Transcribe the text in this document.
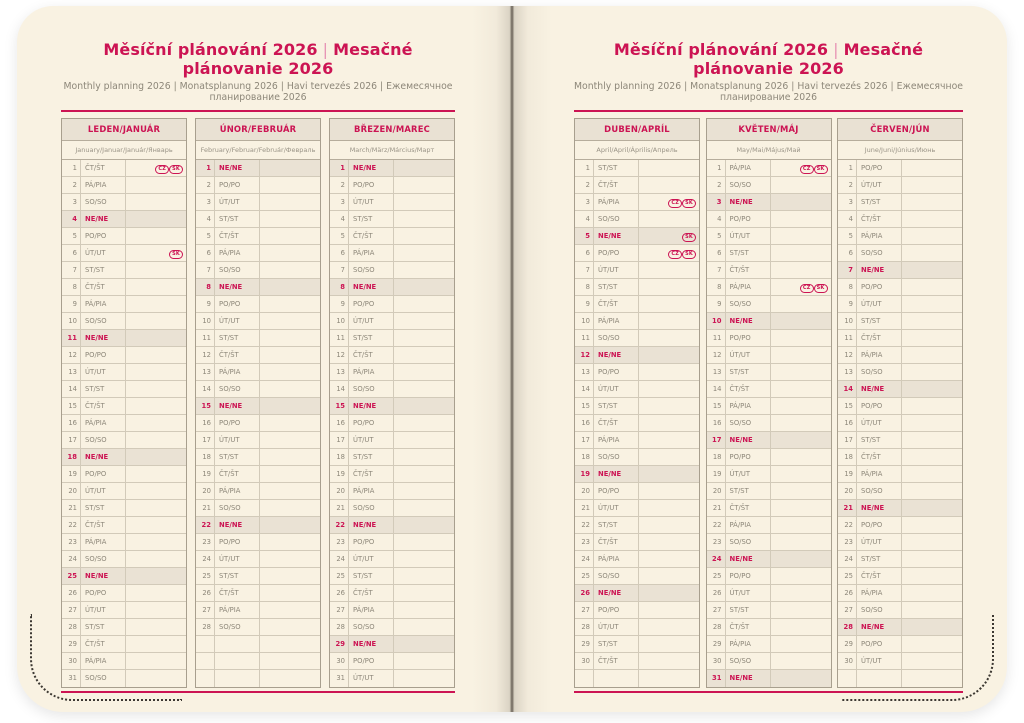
Měsíční plánování 2026 | Mesačné plánovanie 2026
Monthly planning 2026 | Monatsplanung 2026 | Havi tervezés 2026 | Ежемесячное планирование 2026
LEDEN/JANUÁR
January/Januar/Január/Январь
1	ČT/ŠT	CZ SK
2	PÁ/PIA
3	SO/SO
4	NE/NE
5	PO/PO
6	ÚT/UT	SK
7	ST/ST
8	ČT/ŠT
9	PÁ/PIA
10	SO/SO
11	NE/NE
12	PO/PO
13	ÚT/UT
14	ST/ST
15	ČT/ŠT
16	PÁ/PIA
17	SO/SO
18	NE/NE
19	PO/PO
20	ÚT/UT
21	ST/ST
22	ČT/ŠT
23	PÁ/PIA
24	SO/SO
25	NE/NE
26	PO/PO
27	ÚT/UT
28	ST/ST
29	ČT/ŠT
30	PÁ/PIA
31	SO/SO
ÚNOR/FEBRUÁR
February/Februar/Február/Февраль
1	NE/NE
2	PO/PO
3	ÚT/UT
4	ST/ST
5	ČT/ŠT
6	PÁ/PIA
7	SO/SO
8	NE/NE
9	PO/PO
10	ÚT/UT
11	ST/ST
12	ČT/ŠT
13	PÁ/PIA
14	SO/SO
15	NE/NE
16	PO/PO
17	ÚT/UT
18	ST/ST
19	ČT/ŠT
20	PÁ/PIA
21	SO/SO
22	NE/NE
23	PO/PO
24	ÚT/UT
25	ST/ST
26	ČT/ŠT
27	PÁ/PIA
28	SO/SO
BŘEZEN/MAREC
March/März/Március/Март
1	NE/NE
2	PO/PO
3	ÚT/UT
4	ST/ST
5	ČT/ŠT
6	PÁ/PIA
7	SO/SO
8	NE/NE
9	PO/PO
10	ÚT/UT
11	ST/ST
12	ČT/ŠT
13	PÁ/PIA
14	SO/SO
15	NE/NE
16	PO/PO
17	ÚT/UT
18	ST/ST
19	ČT/ŠT
20	PÁ/PIA
21	SO/SO
22	NE/NE
23	PO/PO
24	ÚT/UT
25	ST/ST
26	ČT/ŠT
27	PÁ/PIA
28	SO/SO
29	NE/NE
30	PO/PO
31	ÚT/UT
Měsíční plánování 2026 | Mesačné plánovanie 2026
Monthly planning 2026 | Monatsplanung 2026 | Havi tervezés 2026 | Ежемесячное планирование 2026
DUBEN/APRÍL
April/April/Április/Апрель
1	ST/ST
2	ČT/ŠT
3	PÁ/PIA	CZ SK
4	SO/SO
5	NE/NE	SK
6	PO/PO	CZ SK
7	ÚT/UT
8	ST/ST
9	ČT/ŠT
10	PÁ/PIA
11	SO/SO
12	NE/NE
13	PO/PO
14	ÚT/UT
15	ST/ST
16	ČT/ŠT
17	PÁ/PIA
18	SO/SO
19	NE/NE
20	PO/PO
21	ÚT/UT
22	ST/ST
23	ČT/ŠT
24	PÁ/PIA
25	SO/SO
26	NE/NE
27	PO/PO
28	ÚT/UT
29	ST/ST
30	ČT/ŠT
KVĚTEN/MÁJ
May/Mai/Május/Май
1	PÁ/PIA	CZ SK
2	SO/SO
3	NE/NE
4	PO/PO
5	ÚT/UT
6	ST/ST
7	ČT/ŠT
8	PÁ/PIA	CZ SK
9	SO/SO
10	NE/NE
11	PO/PO
12	ÚT/UT
13	ST/ST
14	ČT/ŠT
15	PÁ/PIA
16	SO/SO
17	NE/NE
18	PO/PO
19	ÚT/UT
20	ST/ST
21	ČT/ŠT
22	PÁ/PIA
23	SO/SO
24	NE/NE
25	PO/PO
26	ÚT/UT
27	ST/ST
28	ČT/ŠT
29	PÁ/PIA
30	SO/SO
31	NE/NE
ČERVEN/JÚN
June/Juni/Június/Июнь
1	PO/PO
2	ÚT/UT
3	ST/ST
4	ČT/ŠT
5	PÁ/PIA
6	SO/SO
7	NE/NE
8	PO/PO
9	ÚT/UT
10	ST/ST
11	ČT/ŠT
12	PÁ/PIA
13	SO/SO
14	NE/NE
15	PO/PO
16	ÚT/UT
17	ST/ST
18	ČT/ŠT
19	PÁ/PIA
20	SO/SO
21	NE/NE
22	PO/PO
23	ÚT/UT
24	ST/ST
25	ČT/ŠT
26	PÁ/PIA
27	SO/SO
28	NE/NE
29	PO/PO
30	ÚT/UT
